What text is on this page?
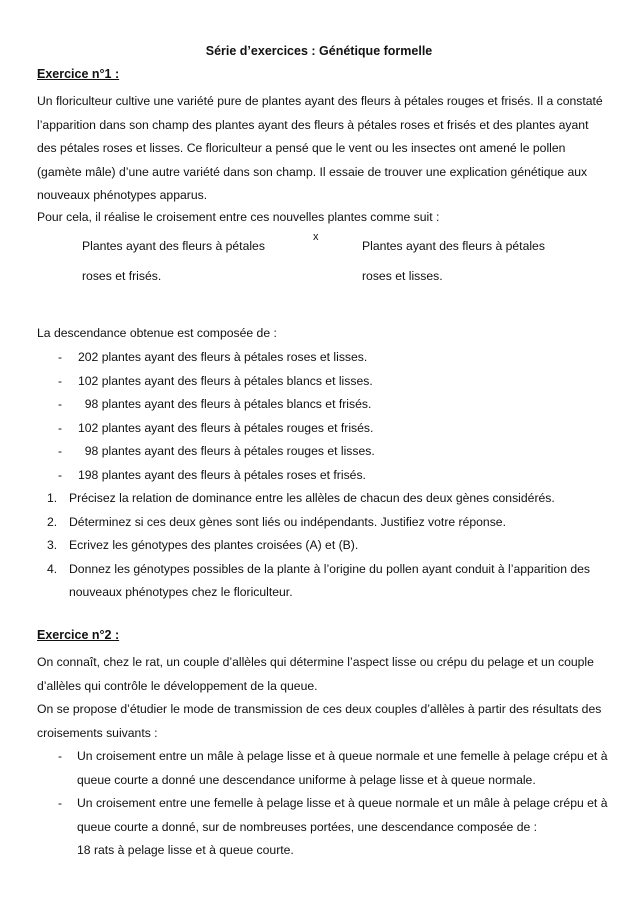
Série d’exercices : Génétique formelle
Exercice n°1 :

Un floriculteur cultive une variété pure de plantes ayant des fleurs à pétales rouges et frisés. Il a constaté l’apparition dans son champ des plantes ayant des fleurs à pétales roses et frisés et des plantes ayant des pétales roses et lisses. Ce floriculteur a pensé que le vent ou les insectes ont amené le pollen (gamète mâle) d’une autre variété dans son champ. Il essaie de trouver une explication génétique aux nouveaux phénotypes apparus.

Pour cela, il réalise le croisement entre ces nouvelles plantes comme suit :

Plantes ayant des fleurs à pétales
roses et frisés.
x
Plantes ayant des fleurs à pétales
roses et lisses.

La descendance obtenue est composée de :

- 202 plantes ayant des fleurs à pétales roses et lisses.
- 102 plantes ayant des fleurs à pétales blancs et lisses.
- 98 plantes ayant des fleurs à pétales blancs et frisés.
- 102 plantes ayant des fleurs à pétales rouges et frisés.
- 98 plantes ayant des fleurs à pétales rouges et lisses.
- 198 plantes ayant des fleurs à pétales roses et frisés.
1. Précisez la relation de dominance entre les allèles de chacun des deux gènes considérés.
2. Déterminez si ces deux gènes sont liés ou indépendants. Justifiez votre réponse.
3. Ecrivez les génotypes des plantes croisées (A) et (B).
4. Donnez les génotypes possibles de la plante à l’origine du pollen ayant conduit à l’apparition des nouveaux phénotypes chez le floriculteur.
Exercice n°2 :

On connaît, chez le rat, un couple d’allèles qui détermine l’aspect lisse ou crépu du pelage et un couple d’allèles qui contrôle le développement de la queue.

On se propose d’étudier le mode de transmission de ces deux couples d’allèles à partir des résultats des croisements suivants :

- Un croisement entre un mâle à pelage lisse et à queue normale et une femelle à pelage crépu et à queue courte a donné une descendance uniforme à pelage lisse et à queue normale.
- Un croisement entre une femelle à pelage lisse et à queue normale et un mâle à pelage crépu et à queue courte a donné, sur de nombreuses portées, une descendance composée de :
18 rats à pelage lisse et à queue courte.
